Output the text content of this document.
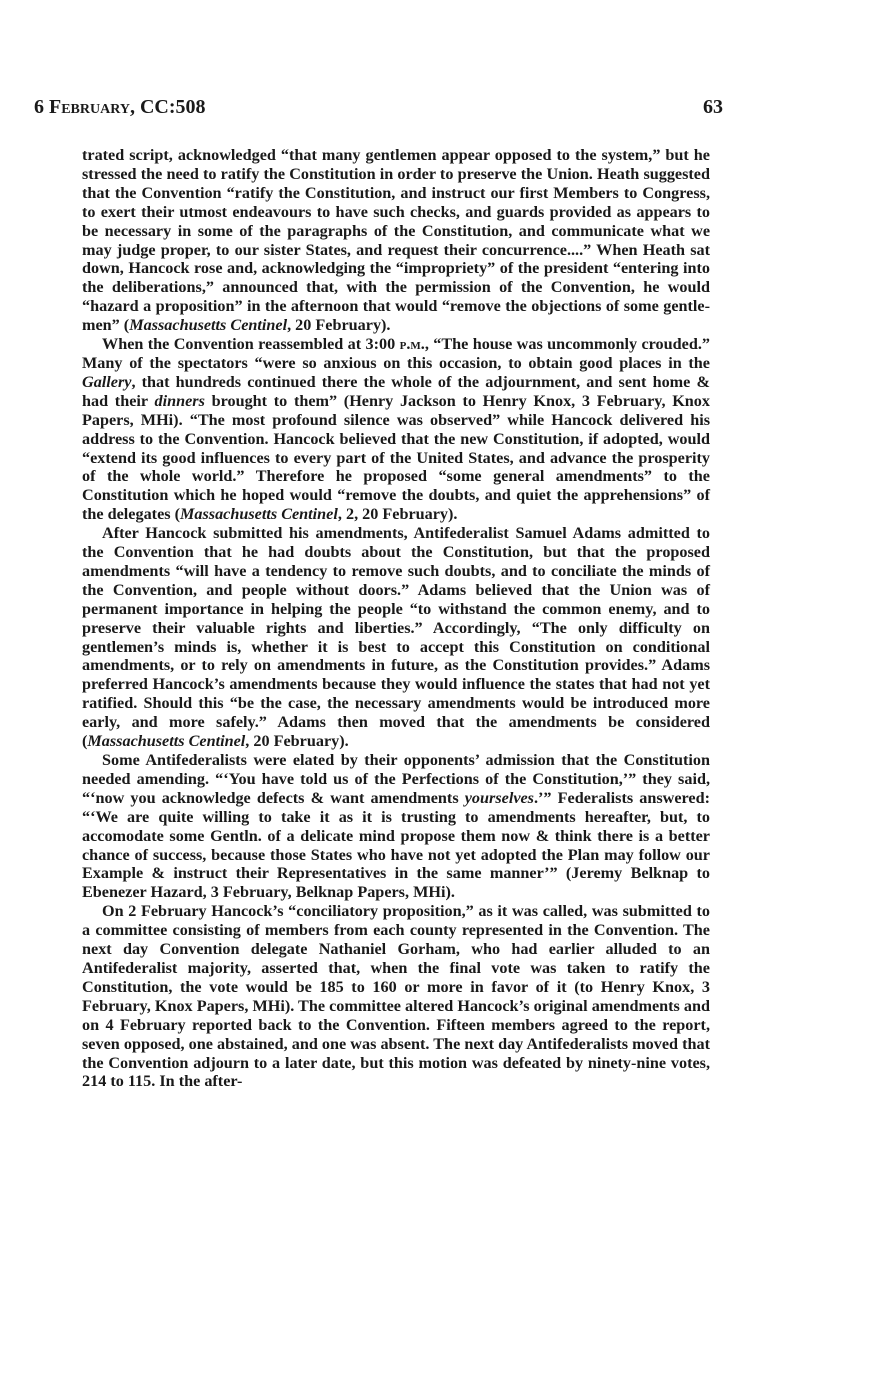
6 February, CC:508	63

trated script, acknowledged “that many gentlemen appear opposed to the system,” but he stressed the need to ratify the Constitution in order to preserve the Union. Heath suggested that the Convention “ratify the Constitution, and instruct our first Members to Congress, to exert their utmost endeavours to have such checks, and guards provided as appears to be necessary in some of the paragraphs of the Constitution, and communicate what we may judge proper, to our sister States, and request their concurrence....” When Heath sat down, Hancock rose and, acknowledging the “impropriety” of the president “entering into the deliberations,” announced that, with the permission of the Convention, he would “hazard a proposition” in the afternoon that would “remove the objections of some gentlemen” (Massachusetts Centinel, 20 February).

When the Convention reassembled at 3:00 p.m., “The house was uncommonly crouded.” Many of the spectators “were so anxious on this occasion, to obtain good places in the Gallery, that hundreds continued there the whole of the adjournment, and sent home & had their dinners brought to them” (Henry Jackson to Henry Knox, 3 February, Knox Papers, MHi). “The most profound silence was observed” while Hancock delivered his address to the Convention. Hancock believed that the new Constitution, if adopted, would “extend its good influences to every part of the United States, and advance the prosperity of the whole world.” Therefore he proposed “some general amendments” to the Constitution which he hoped would “remove the doubts, and quiet the apprehensions” of the delegates (Massachusetts Centinel, 2, 20 February).

After Hancock submitted his amendments, Antifederalist Samuel Adams admitted to the Convention that he had doubts about the Constitution, but that the proposed amendments “will have a tendency to remove such doubts, and to conciliate the minds of the Convention, and people without doors.” Adams believed that the Union was of permanent importance in helping the people “to withstand the common enemy, and to preserve their valuable rights and liberties.” Accordingly, “The only difficulty on gentlemen’s minds is, whether it is best to accept this Constitution on conditional amendments, or to rely on amendments in future, as the Constitution provides.” Adams preferred Hancock’s amendments because they would influence the states that had not yet ratified. Should this “be the case, the necessary amendments would be introduced more early, and more safely.” Adams then moved that the amendments be considered (Massachusetts Centinel, 20 February).

Some Antifederalists were elated by their opponents’ admission that the Constitution needed amending. “‘You have told us of the Perfections of the Constitution,’” they said, “‘now you acknowledge defects & want amendments yourselves.’” Federalists answered: “‘We are quite willing to take it as it is trusting to amendments hereafter, but, to accomodate some Gentln. of a delicate mind propose them now & think there is a better chance of success, because those States who have not yet adopted the Plan may follow our Example & instruct their Representatives in the same manner’” (Jeremy Belknap to Ebenezer Hazard, 3 February, Belknap Papers, MHi).

On 2 February Hancock’s “conciliatory proposition,” as it was called, was submitted to a committee consisting of members from each county represented in the Convention. The next day Convention delegate Nathaniel Gorham, who had earlier alluded to an Antifederalist majority, asserted that, when the final vote was taken to ratify the Constitution, the vote would be 185 to 160 or more in favor of it (to Henry Knox, 3 February, Knox Papers, MHi). The committee altered Hancock’s original amendments and on 4 February reported back to the Convention. Fifteen members agreed to the report, seven opposed, one abstained, and one was absent. The next day Antifederalists moved that the Convention adjourn to a later date, but this motion was defeated by ninety-nine votes, 214 to 115. In the after-
